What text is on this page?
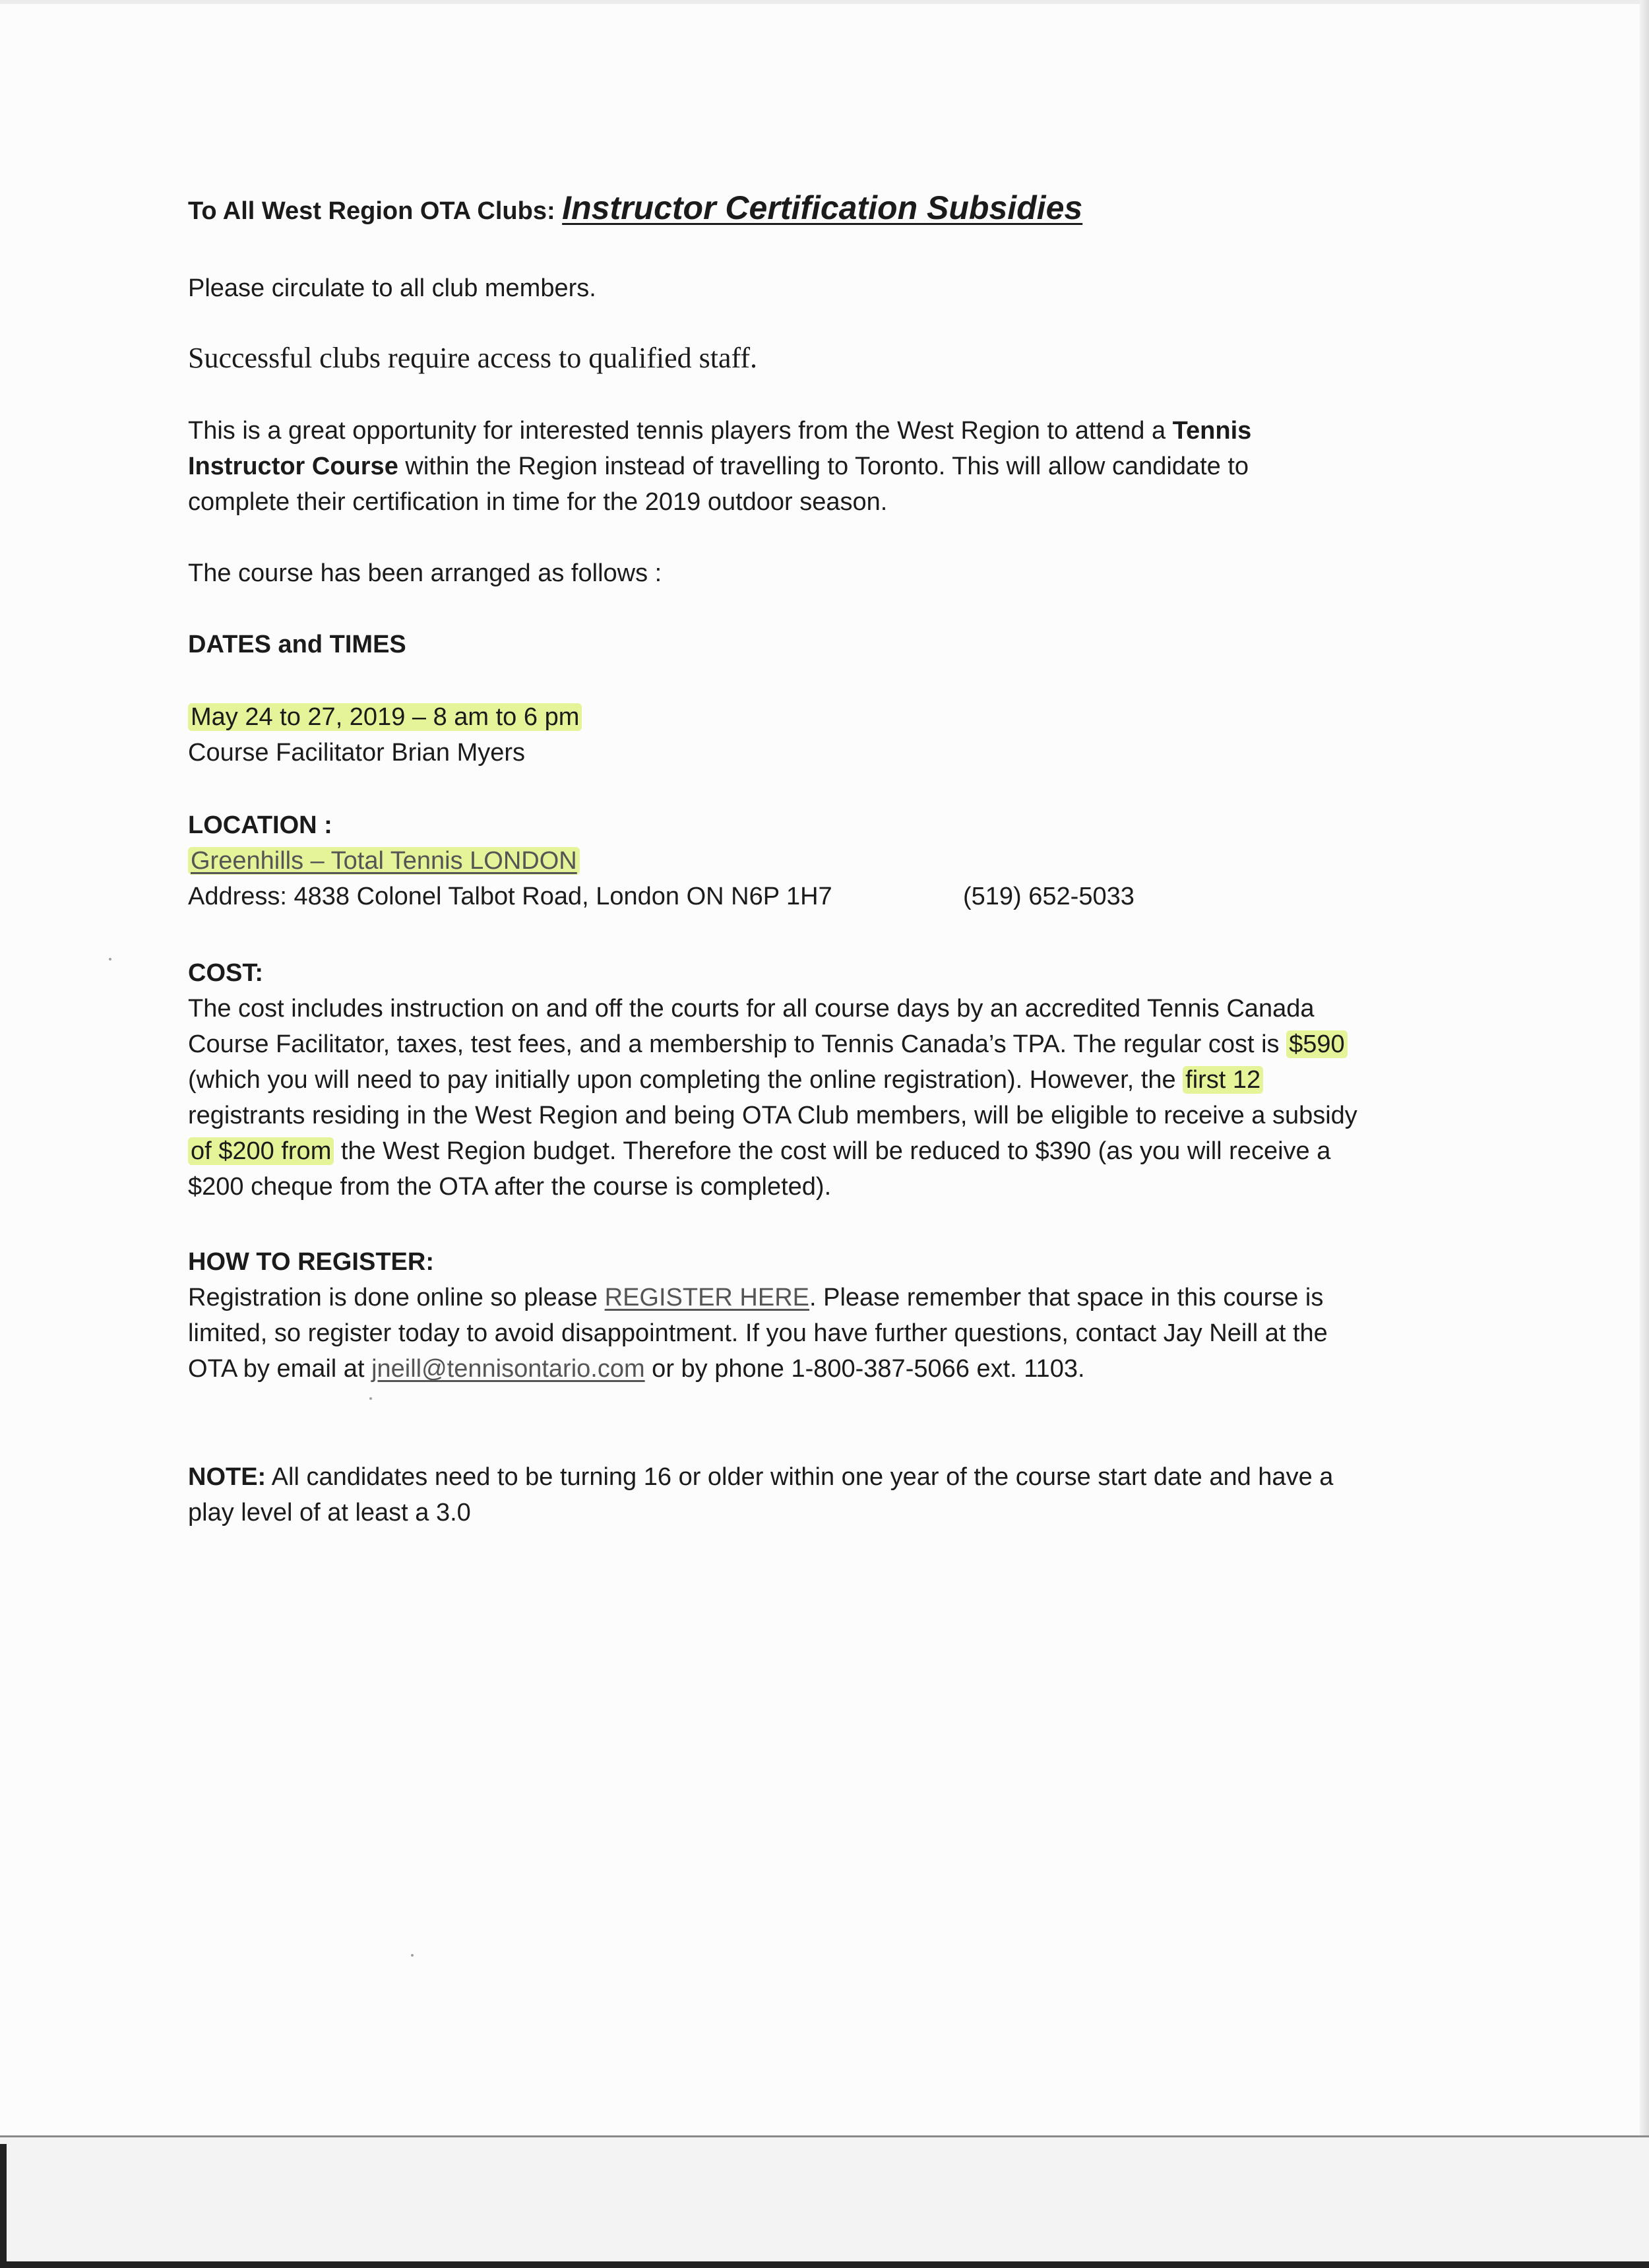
To All West Region OTA Clubs: Instructor Certification Subsidies
Please circulate to all club members.
Successful clubs require access to qualified staff.
This is a great opportunity for interested tennis players from the West Region to attend a Tennis
Instructor Course within the Region instead of travelling to Toronto. This will allow candidate to
complete their certification in time for the 2019 outdoor season.
The course has been arranged as follows :
DATES and TIMES
May 24 to 27, 2019 – 8 am to 6 pm
Course Facilitator Brian Myers
LOCATION :
Greenhills – Total Tennis LONDON
Address: 4838 Colonel Talbot Road, London ON N6P 1H7	(519) 652-5033
COST:
The cost includes instruction on and off the courts for all course days by an accredited Tennis Canada
Course Facilitator, taxes, test fees, and a membership to Tennis Canada’s TPA. The regular cost is $590
(which you will need to pay initially upon completing the online registration). However, the first 12
registrants residing in the West Region and being OTA Club members, will be eligible to receive a subsidy
of $200 from the West Region budget. Therefore the cost will be reduced to $390 (as you will receive a
$200 cheque from the OTA after the course is completed).
HOW TO REGISTER:
Registration is done online so please REGISTER HERE. Please remember that space in this course is
limited, so register today to avoid disappointment. If you have further questions, contact Jay Neill at the
OTA by email at jneill@tennisontario.com or by phone 1-800-387-5066 ext. 1103.
NOTE: All candidates need to be turning 16 or older within one year of the course start date and have a
play level of at least a 3.0
